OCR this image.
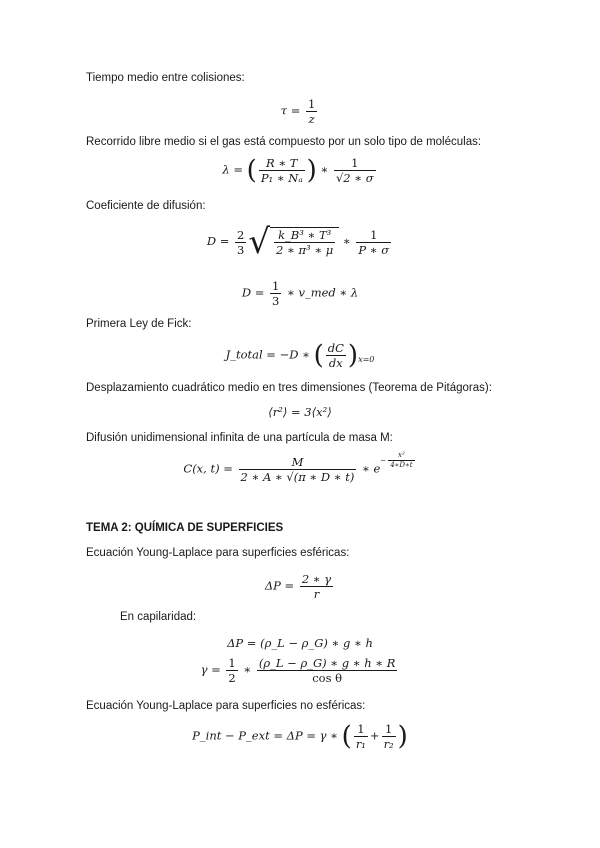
Tiempo medio entre colisiones:
$\tau = \frac{1}{z}$
Recorrido libre medio si el gas está compuesto por un solo tipo de moléculas:
λ = ( $\frac{R ∗ T}{\text{P₁ ∗ Nₐ}}$ ) ∗ $\frac{1}{√2 ∗ \sigma}$
Coeficiente de difusión:
$D = \frac{2}{3}$ √ $\frac{\text{k\_B³ ∗ T³}}{\text{2 ∗ π³ ∗ μ}}$ ∗ $\frac{1}{P ∗ \sigma}$
$D = \frac{1}{3}$ ∗ v_med ∗ λ
Primera Ley de Fick:
J_total = −D ∗ ( $\frac{dC}{dx} )_{x=0}$
Desplazamiento cuadrático medio en tres dimensiones (Teorema de Pitágoras):
⟨r²⟩ = 3⟨x²⟩
Difusión unidimensional infinita de una partícula de masa M:
C(x, $t) = \frac{M}{2 ∗ A ∗ √(\pi ∗ D ∗ t)}$ ∗ $e- \frac{\text{x²}}{4∗D∗t}$
TEMA 2: QUÍMICA DE SUPERFICIES
Ecuación Young-Laplace para superficies esféricas:
$\Delta P = \frac{2 ∗ \gamma}{r}$
En capilaridad:
ΔP = (ρ_L − ρ_G) ∗ g ∗ h
$\gamma = \frac{1}{2}$ ∗ $\frac{(\rho\_L - \rho\_G) ∗ g ∗ h ∗ R}{\text{cos θ}}$
Ecuación Young-Laplace para superficies no esféricas:
P_int − P_ext = ΔP = γ ∗ ( $\frac{1}{\text{r₁}} + \frac{1}{\text{r₂}}$ )
